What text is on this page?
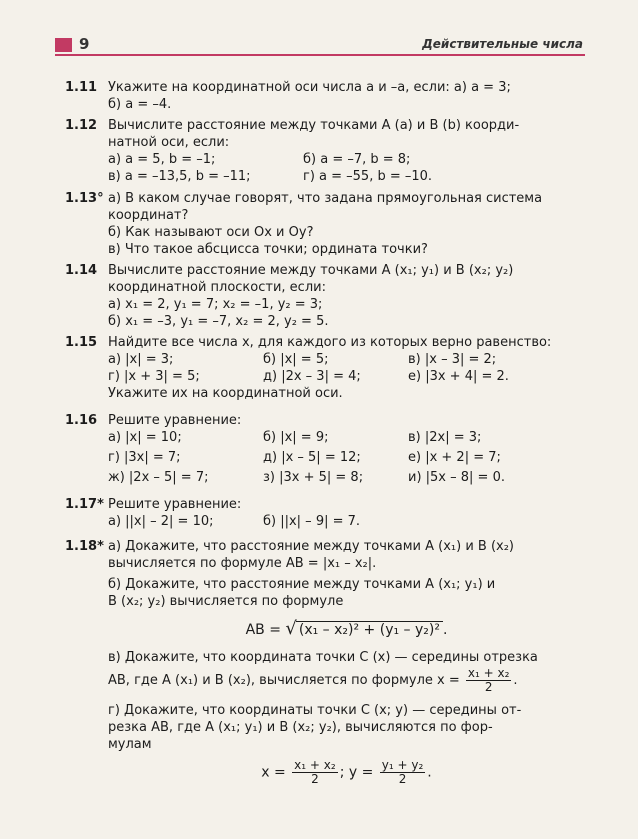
9	Действительные числа
1.11 Укажите на координатной оси числа a и –a, если: а) a = 3;
б) a = –4.
1.12 Вычислите расстояние между точками A (a) и B (b) коорди-
натной оси, если:
а) a = 5, b = –1;	б) a = –7, b = 8;
в) a = –13,5, b = –11;	г) a = –55, b = –10.
1.13° а) В каком случае говорят, что задана прямоугольная система
координат?
б) Как называют оси Ox и Oy?
в) Что такое абсцисса точки; ордината точки?
1.14 Вычислите расстояние между точками A (x₁; y₁) и B (x₂; y₂)
координатной плоскости, если:
а) x₁ = 2, y₁ = 7; x₂ = –1, y₂ = 3;
б) x₁ = –3, y₁ = –7, x₂ = 2, y₂ = 5.
1.15 Найдите все числа x, для каждого из которых верно равенство:
а) |x| = 3;	б) |x| = 5;	в) |x – 3| = 2;
г) |x + 3| = 5;	д) |2x – 3| = 4;	е) |3x + 4| = 2.
Укажите их на координатной оси.
1.16 Решите уравнение:
а) |x| = 10;	б) |x| = 9;	в) |2x| = 3;
г) |3x| = 7;	д) |x – 5| = 12;	е) |x + 2| = 7;
ж) |2x – 5| = 7;	з) |3x + 5| = 8;	и) |5x – 8| = 0.
1.17* Решите уравнение:
а) ||x| – 2| = 10;	б) ||x| – 9| = 7.
1.18* а) Докажите, что расстояние между точками A (x₁) и B (x₂)
вычисляется по формуле AB = |x₁ – x₂|.
б) Докажите, что расстояние между точками A (x₁; y₁) и
B (x₂; y₂) вычисляется по формуле
AB = √ (x₁ – x₂)² + (y₁ – y₂)² .
в) Докажите, что координата точки C (x) — середины отрезка
AB, где A (x₁) и B (x₂), вычисляется по формуле $x = \frac{\text{x₁ + x₂}}{2}$ .
г) Докажите, что координаты точки C (x; y) — середины от-
резка AB, где A (x₁; y₁) и B (x₂; y₂), вычисляются по фор-
мулам
$x = \frac{\text{x₁ + x₂}}{2}$ ; $y = \frac{\text{y₁ + y₂}}{2}$ .
